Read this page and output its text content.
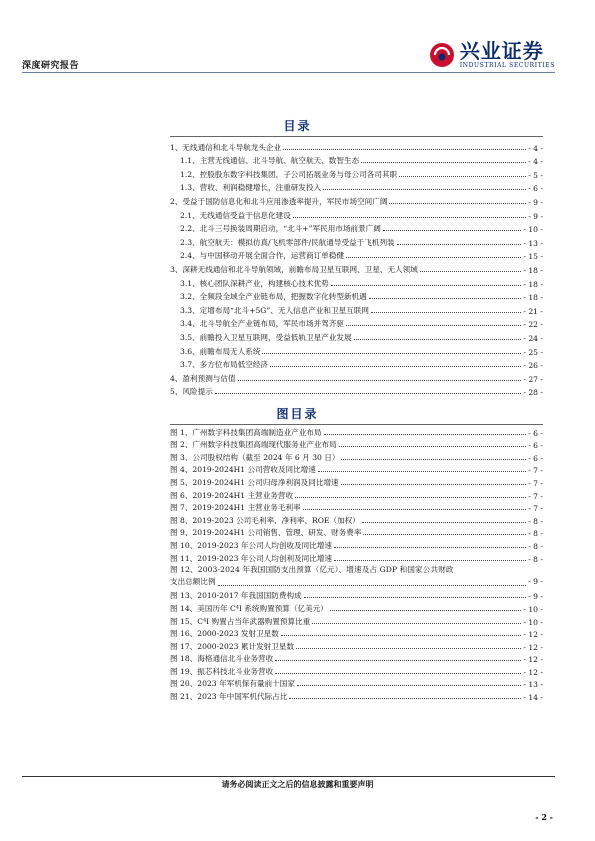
深度研究报告
兴业证券
INDUSTRIAL SECURITIES
目录
1、无线通信和北斗导航龙头企业	- 4 -
1.1、主营无线通信、北斗导航、航空航天、数智生态	- 4 -
1.2、控股股东数字科技集团，子公司拓展业务与母公司各司其职	- 5 -
1.3、营收、利润稳健增长，注重研发投入	- 6 -
2、受益于国防信息化和北斗应用渗透率提升，军民市场空间广阔	- 9 -
2.1、无线通信受益于信息化建设	- 9 -
2.2、北斗三号换装周期启动，“北斗+”军民用市场前景广阔	- 10 -
2.3、航空航天：模拟仿真/飞机零部件/民航通导受益于飞机列装	- 13 -
2.4、与中国移动开展全面合作，运营商订单稳健	- 15 -
3、深耕无线通信和北斗导航领域，前瞻布局卫星互联网、卫星、无人领域	- 18 -
3.1、核心团队深耕产业，构建核心技术优势	- 18 -
3.2、全频段全域全产业链布局，把握数字化转型新机遇	- 18 -
3.3、定增布局“北斗+5G”、无人信息产业和卫星互联网	- 21 -
3.4、北斗导航全产业链布局，军民市场并驾齐驱	- 22 -
3.5、前瞻投入卫星互联网，受益低轨卫星产业发展	- 24 -
3.6、前瞻布局无人系统	- 25 -
3.7、多方位布局低空经济	- 26 -
4、盈利预测与估值	- 27 -
5、风险提示	- 28 -
图目录
图 1、广州数字科技集团高端制造业产业布局	- 6 -
图 2、广州数字科技集团高端现代服务业产业布局	- 6 -
图 3、公司股权结构（截至 2024 年 6 月 30 日）	- 6 -
图 4、2019-2024H1 公司营收及同比增速	- 7 -
图 5、2019-2024H1 公司归母净利润及同比增速	- 7 -
图 6、2019-2024H1 主营业务营收	- 7 -
图 7、2019-2024H1 主营业务毛利率	- 7 -
图 8、2019-2023 公司毛利率、净利率、ROE（加权）	- 8 -
图 9、2019-2024H1 公司销售、管理、研发、财务费率	- 8 -
图 10、2019-2023 年公司人均创收及同比增速	- 8 -
图 11、2019-2023 年公司人均创利及同比增速	- 8 -
图 12、2003-2024 年我国国防支出预算（亿元）、增速及占 GDP 和国家公共财政
支出总额比例	- 9 -
图 13、2010-2017 年我国国防费构成	- 9 -
图 14、美国历年 C⁴I 系统购置预算（亿美元）	- 10 -
图 15、C⁴I 购置占当年武器购置预算比重	- 10 -
图 16、2000-2023 发射卫星数	- 12 -
图 17、2000-2023 累计发射卫星数	- 12 -
图 18、海格通信北斗业务营收	- 12 -
图 19、振芯科技北斗业务营收	- 12 -
图 20、2023 年军机保有量前十国家	- 13 -
图 21、2023 年中国军机代际占比	- 14 -
请务必阅读正文之后的信息披露和重要声明
- 2 -
